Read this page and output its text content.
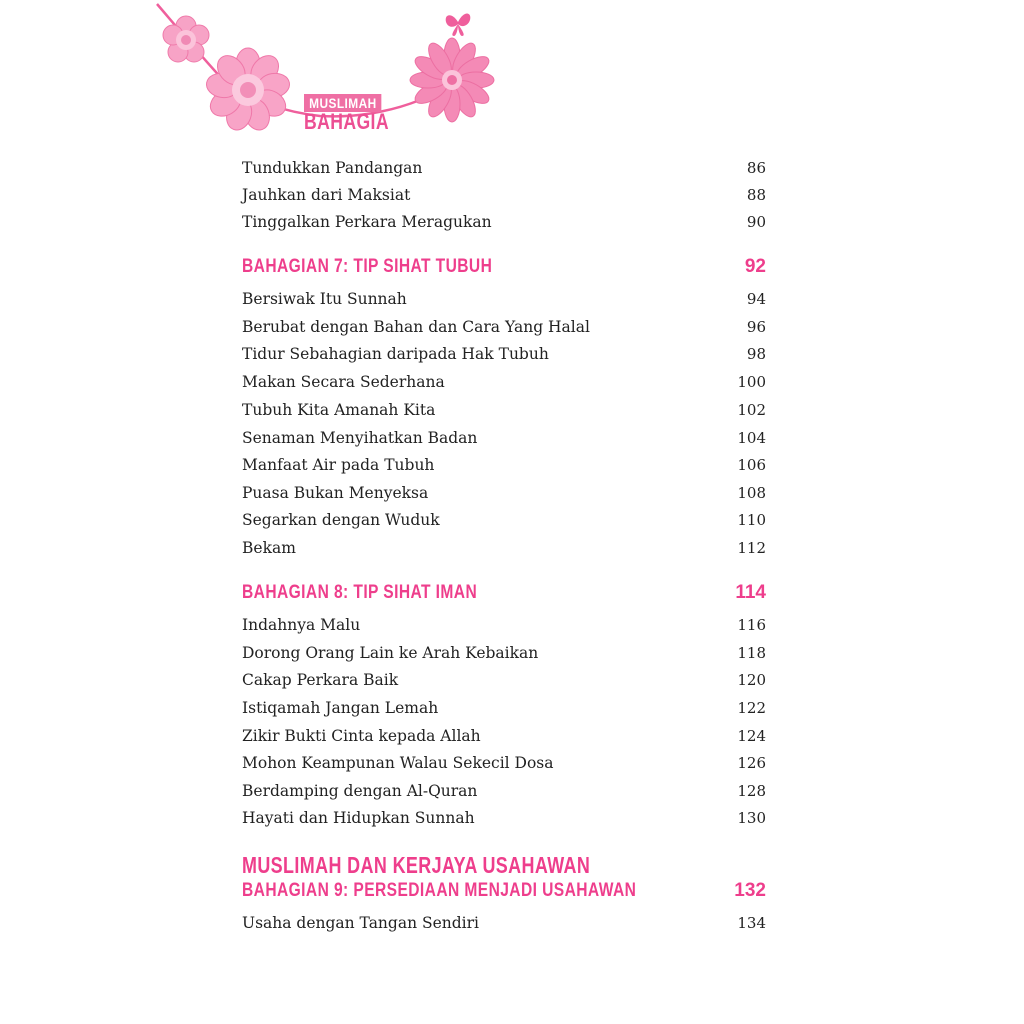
MUSLIMAH
BAHAGIA
Tundukkan Pandangan	86
Jauhkan dari Maksiat	88
Tinggalkan Perkara Meragukan	90
BAHAGIAN 7: TIP SIHAT TUBUH	92
Bersiwak Itu Sunnah	94
Berubat dengan Bahan dan Cara Yang Halal	96
Tidur Sebahagian daripada Hak Tubuh	98
Makan Secara Sederhana	100
Tubuh Kita Amanah Kita	102
Senaman Menyihatkan Badan	104
Manfaat Air pada Tubuh	106
Puasa Bukan Menyeksa	108
Segarkan dengan Wuduk	110
Bekam	112
BAHAGIAN 8: TIP SIHAT IMAN	114
Indahnya Malu	116
Dorong Orang Lain ke Arah Kebaikan	118
Cakap Perkara Baik	120
Istiqamah Jangan Lemah	122
Zikir Bukti Cinta kepada Allah	124
Mohon Keampunan Walau Sekecil Dosa	126
Berdamping dengan Al-Quran	128
Hayati dan Hidupkan Sunnah	130
MUSLIMAH DAN KERJAYA USAHAWAN
BAHAGIAN 9: PERSEDIAAN MENJADI USAHAWAN	132
Usaha dengan Tangan Sendiri	134
